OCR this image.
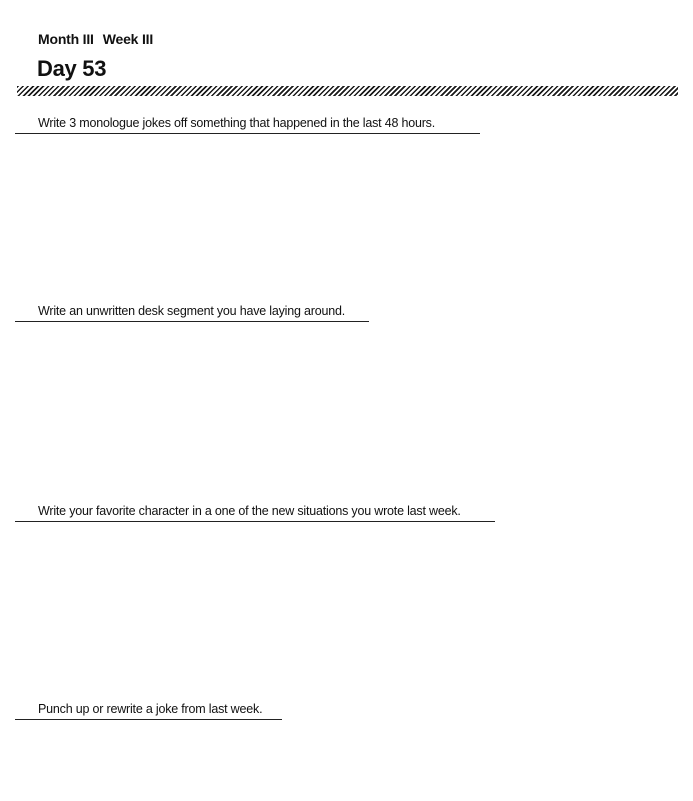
Month III Week III
Day 53
Write 3 monologue jokes off something that happened in the last 48 hours.
Write an unwritten desk segment you have laying around.
Write your favorite character in a one of the new situations you wrote last week.
Punch up or rewrite a joke from last week.
